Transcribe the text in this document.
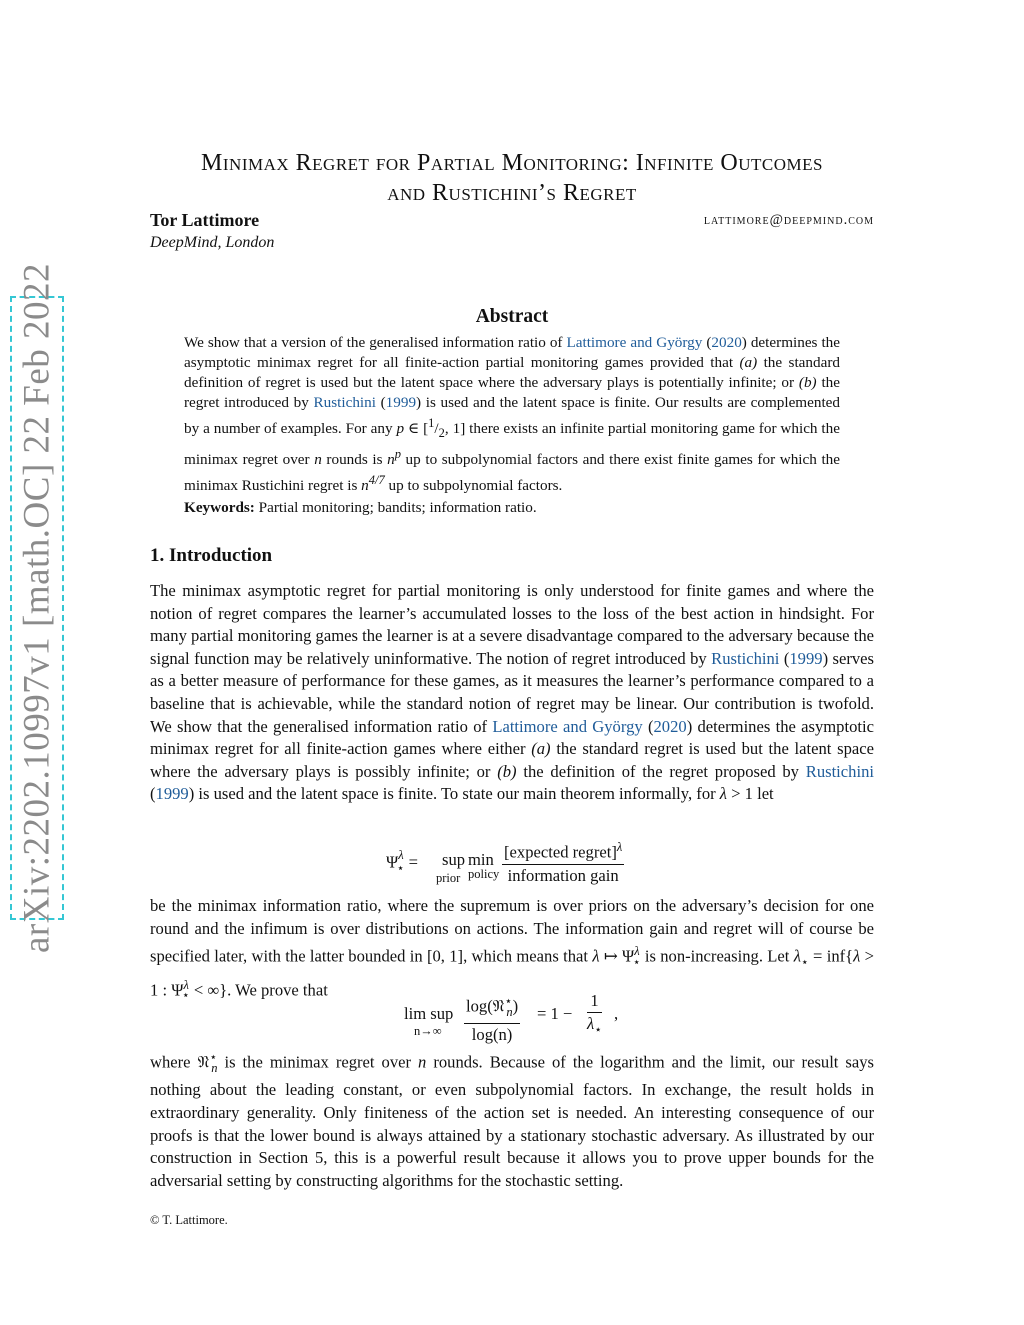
arXiv:2202.10997v1 [math.OC] 22 Feb 2022
Minimax Regret for Partial Monitoring: Infinite Outcomes
and Rustichini’s Regret
Tor Lattimore	lattimore@deepmind.com
DeepMind, London
Abstract

We show that a version of the generalised information ratio of Lattimore and György (2020) determines the asymptotic minimax regret for all finite-action partial monitoring games provided that (a) the standard definition of regret is used but the latent space where the adversary plays is potentially infinite; or (b) the regret introduced by Rustichini (1999) is used and the latent space is finite. Our results are complemented by a number of examples. For any p ∈ [$^1/_2$, 1] there exists an infinite partial monitoring game for which the minimax regret over n rounds is $n^p$ up to subpolynomial factors and there exist finite games for which the minimax Rustichini regret is $n^{4/7}$ up to subpolynomial factors.

Keywords: Partial monitoring; bandits; information ratio.

1. Introduction

The minimax asymptotic regret for partial monitoring is only understood for finite games and where the notion of regret compares the learner’s accumulated losses to the loss of the best action in hindsight. For many partial monitoring games the learner is at a severe disadvantage compared to the adversary because the signal function may be relatively uninformative. The notion of regret introduced by Rustichini (1999) serves as a better measure of performance for these games, as it measures the learner’s performance compared to a baseline that is achievable, while the standard notion of regret may be linear. Our contribution is twofold. We show that the generalised information ratio of Lattimore and György (2020) determines the asymptotic minimax regret for all finite-action games where either (a) the standard regret is used but the latent space where the adversary plays is possibly infinite; or (b) the definition of the regret proposed by Rustichini (1999) is used and the latent space is finite. To state our main theorem informally, for λ > 1 let

$\Psi^\lambda_⋆$ = sup min
prior policy $\frac{[expected regret]^\lambda}{\text{information gain}}$

be the minimax information ratio, where the supremum is over priors on the adversary’s decision for one round and the infimum is over distributions on actions. The information gain and regret will of course be specified later, with the latter bounded in [0, 1], which means that λ ↦ $\Psi^\lambda_⋆$ is non-increasing. Let $\lambda_⋆ = inf\{\lambda > 1$ : $\Psi^\lambda_⋆$ < ∞}. We prove that

lim sup
$n\to\infty \frac{\log(𝔑^⋆_n)}{\log(n)} = 1 - \frac{1}{\lambda_⋆}$ ,

where 𝔑⋆$_n$ is the minimax regret over n rounds. Because of the logarithm and the limit, our result says nothing about the leading constant, or even subpolynomial factors. In exchange, the result holds in extraordinary generality. Only finiteness of the action set is needed. An interesting consequence of our proofs is that the lower bound is always attained by a stationary stochastic adversary. As illustrated by our construction in Section 5, this is a powerful result because it allows you to prove upper bounds for the adversarial setting by constructing algorithms for the stochastic setting.

© T. Lattimore.
